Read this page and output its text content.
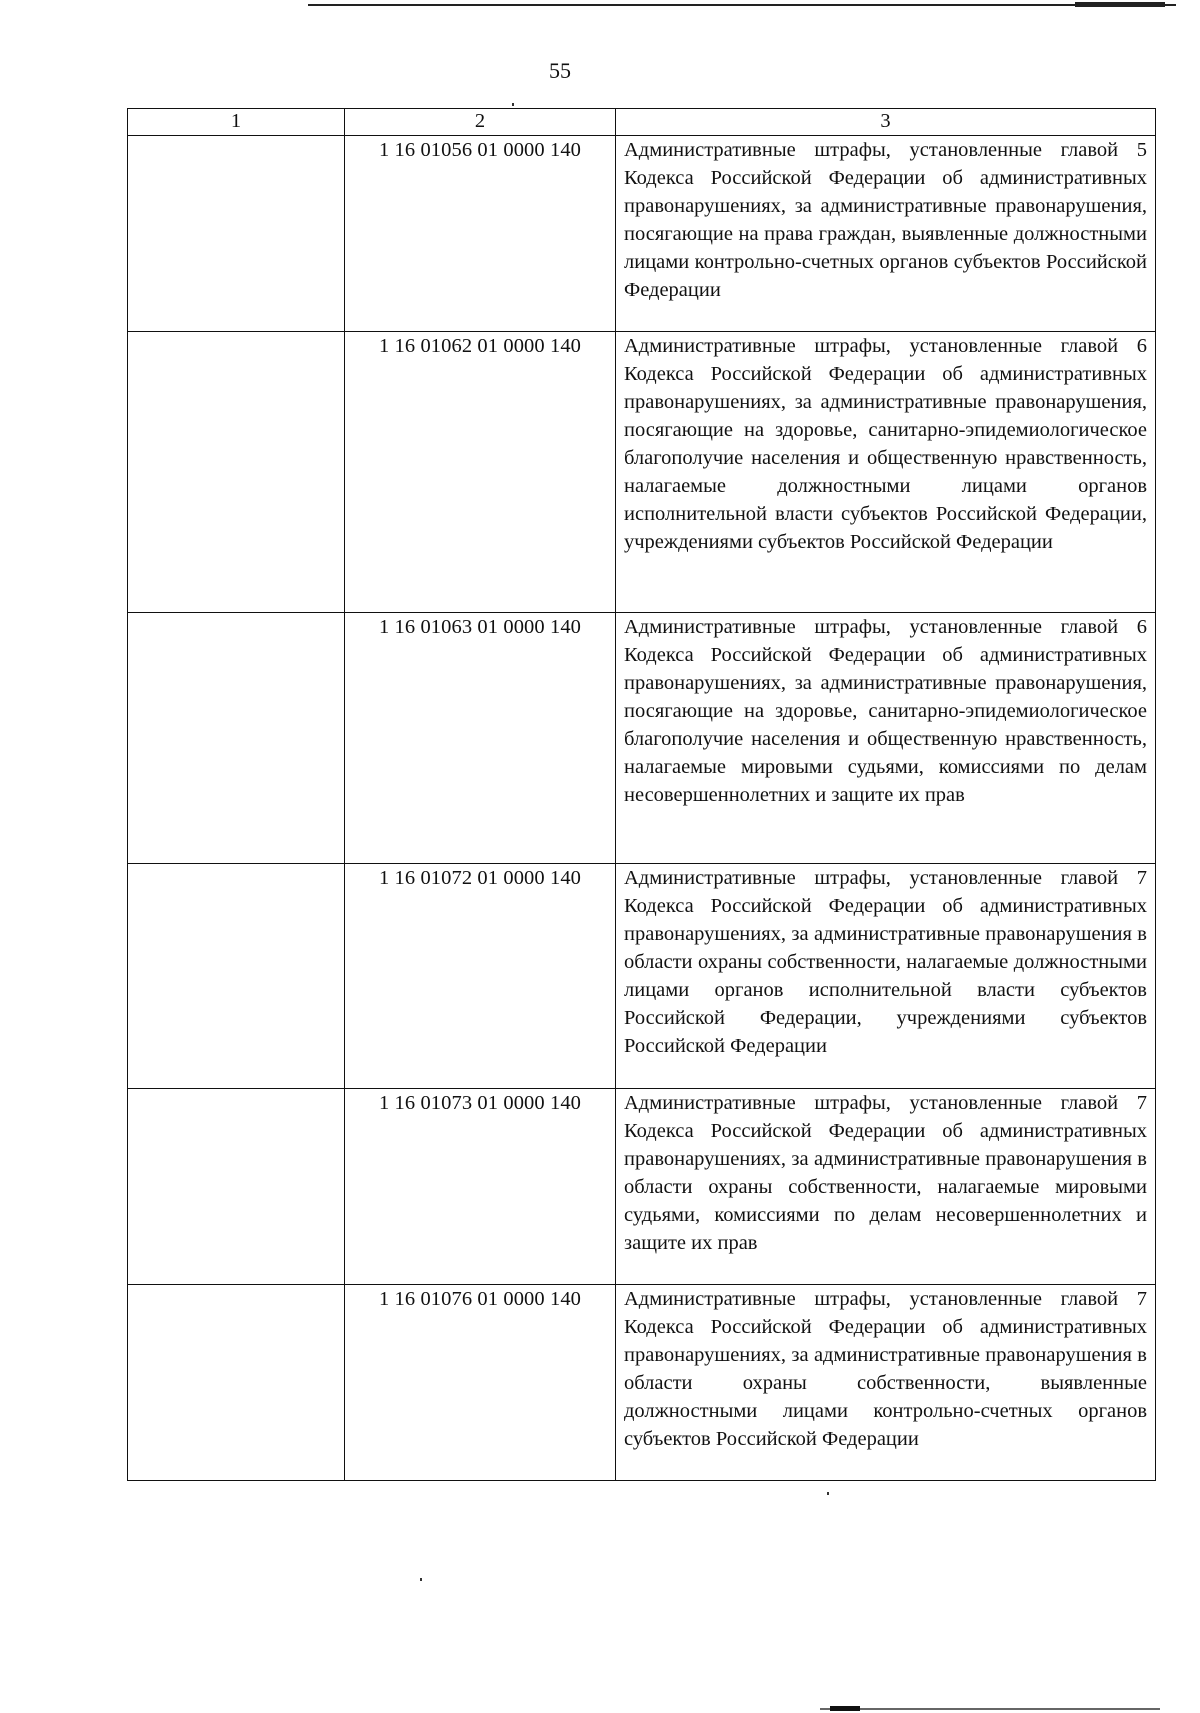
55
1	2	3
	1 16 01056 01 0000 140	Административные штрафы, установленные главой 5 Кодекса Российской Федерации об административных правонарушениях, за административные правонарушения, посягающие на права граждан, выявленные должностными лицами контрольно-счетных органов субъектов Российской Федерации

	1 16 01062 01 0000 140	Административные штрафы, установленные главой 6 Кодекса Российской Федерации об административных правонарушениях, за административные правонарушения, посягающие на здоровье, санитарно-эпидемиологическое благополучие населения и общественную нравственность, налагаемые должностными лицами органов исполнительной власти субъектов Российской Федерации, учреждениями субъектов Российской Федерации

	1 16 01063 01 0000 140	Административные штрафы, установленные главой 6 Кодекса Российской Федерации об административных правонарушениях, за административные правонарушения, посягающие на здоровье, санитарно-эпидемиологическое благополучие населения и общественную нравственность, налагаемые мировыми судьями, комиссиями по делам несовершеннолетних и защите их прав

	1 16 01072 01 0000 140	Административные штрафы, установленные главой 7 Кодекса Российской Федерации об административных правонарушениях, за административные правонарушения в области охраны собственности, налагаемые должностными лицами органов исполнительной власти субъектов Российской Федерации, учреждениями субъектов Российской Федерации

	1 16 01073 01 0000 140	Административные штрафы, установленные главой 7 Кодекса Российской Федерации об административных правонарушениях, за административные правонарушения в области охраны собственности, налагаемые мировыми судьями, комиссиями по делам несовершеннолетних и защите их прав

	1 16 01076 01 0000 140	Административные штрафы, установленные главой 7 Кодекса Российской Федерации об административных правонарушениях, за административные правонарушения в области охраны собственности, выявленные должностными лицами контрольно-счетных органов субъектов Российской Федерации
